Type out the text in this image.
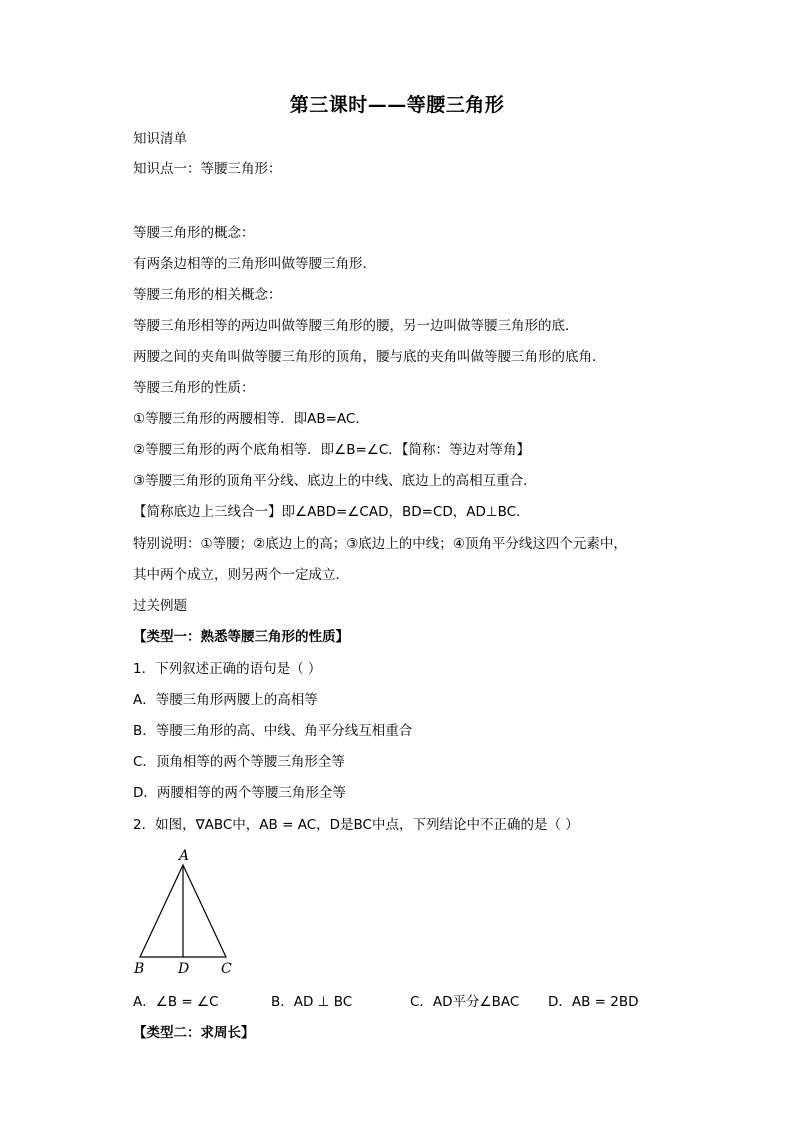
第三课时——等腰三角形
知识清单
知识点一：等腰三角形：
等腰三角形的概念：
有两条边相等的三角形叫做等腰三角形．
等腰三角形的相关概念：
等腰三角形相等的两边叫做等腰三角形的腰，另一边叫做等腰三角形的底．
两腰之间的夹角叫做等腰三角形的顶角，腰与底的夹角叫做等腰三角形的底角．
等腰三角形的性质：
①等腰三角形的两腰相等．即AB=AC．
②等腰三角形的两个底角相等．即∠B=∠C．【简称：等边对等角】
③等腰三角形的顶角平分线、底边上的中线、底边上的高相互重合．
【简称底边上三线合一】即∠ABD=∠CAD，BD=CD，AD⊥BC．
特别说明：①等腰；②底边上的高；③底边上的中线；④顶角平分线这四个元素中，
其中两个成立，则另两个一定成立．
过关例题
【类型一：熟悉等腰三角形的性质】
1．下列叙述正确的语句是（ ）
A．等腰三角形两腰上的高相等
B．等腰三角形的高、中线、角平分线互相重合
C．顶角相等的两个等腰三角形全等
D．两腰相等的两个等腰三角形全等
2．如图，∇ABC中，AB = AC，D是BC中点，下列结论中不正确的是（ ）
A
B D C
A．∠B = ∠C	B．AD ⊥ BC	C．AD平分∠BAC D．AB = 2BD
【类型二：求周长】
